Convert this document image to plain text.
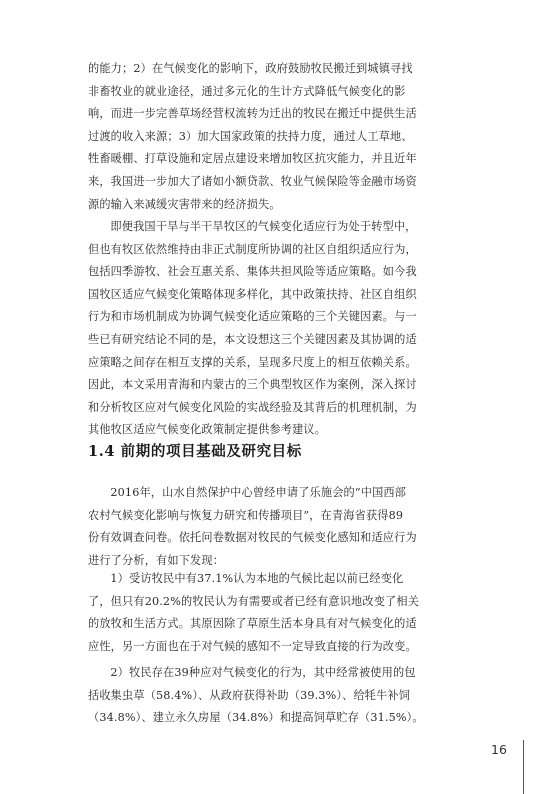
的能力；2）在气候变化的影响下，政府鼓励牧民搬迁到城镇寻找
非畜牧业的就业途径，通过多元化的生计方式降低气候变化的影
响，而进一步完善草场经营权流转为迁出的牧民在搬迁中提供生活
过渡的收入来源；3）加大国家政策的扶持力度，通过人工草地、
牲畜暖棚、打草设施和定居点建设来增加牧区抗灾能力，并且近年
来，我国进一步加大了诸如小额贷款、牧业气候保险等金融市场资
源的输入来减缓灾害带来的经济损失。
即便我国干旱与半干旱牧区的气候变化适应行为处于转型中，
但也有牧区依然维持由非正式制度所协调的社区自组织适应行为，
包括四季游牧、社会互惠关系、集体共担风险等适应策略。如今我
国牧区适应气候变化策略体现多样化，其中政策扶持、社区自组织
行为和市场机制成为协调气候变化适应策略的三个关键因素。与一
些已有研究结论不同的是，本文设想这三个关键因素及其协调的适
应策略之间存在相互支撑的关系，呈现多尺度上的相互依赖关系。
因此，本文采用青海和内蒙古的三个典型牧区作为案例，深入探讨
和分析牧区应对气候变化风险的实战经验及其背后的机理机制，为
其他牧区适应气候变化政策制定提供参考建议。
1.4 前期的项目基础及研究目标
2016年，山水自然保护中心曾经申请了乐施会的“中国西部
农村气候变化影响与恢复力研究和传播项目”，在青海省获得89
份有效调查问卷。依托问卷数据对牧民的气候变化感知和适应行为
进行了分析，有如下发现：
1）受访牧民中有37.1%认为本地的气候比起以前已经变化
了，但只有20.2%的牧民认为有需要或者已经有意识地改变了相关
的放牧和生活方式。其原因除了草原生活本身具有对气候变化的适
应性，另一方面也在于对气候的感知不一定导致直接的行为改变。
2）牧民存在39种应对气候变化的行为，其中经常被使用的包
括收集虫草（58.4%）、从政府获得补助（39.3%）、给牦牛补饲
（34.8%）、建立永久房屋（34.8%）和提高饲草贮存（31.5%）。
16
